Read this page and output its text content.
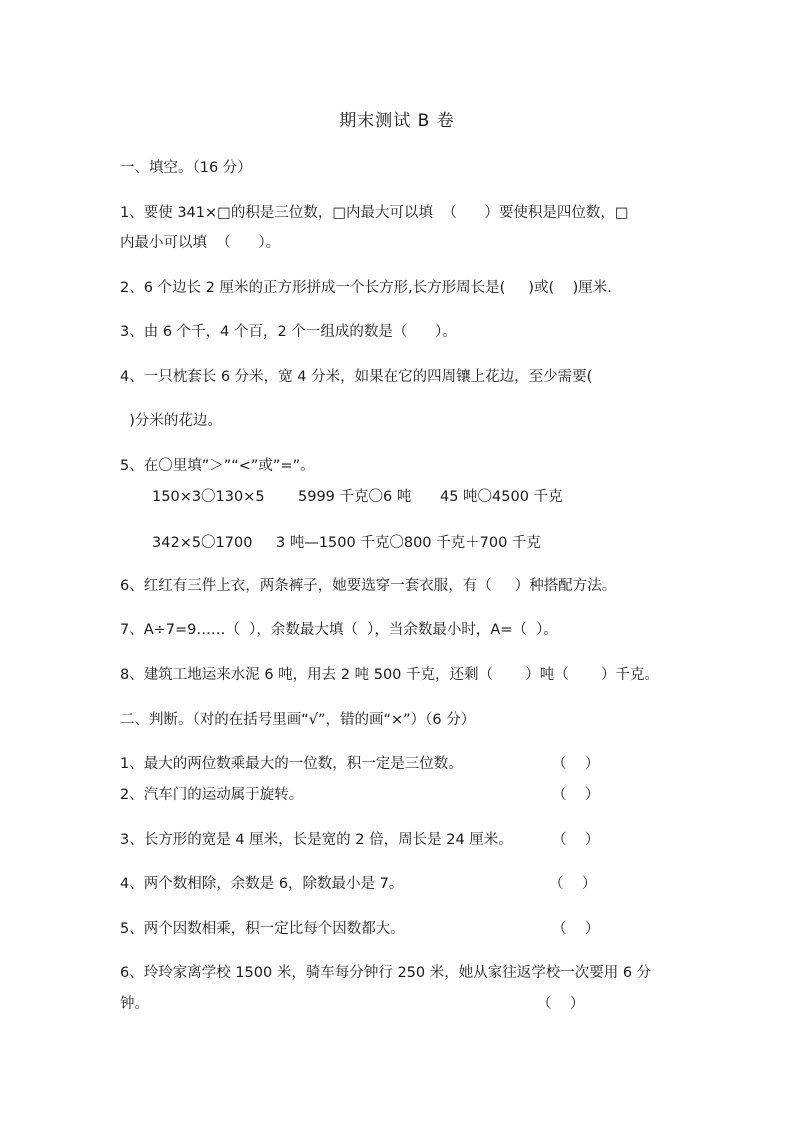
期末测试 B 卷
一、填空。（16 分）
1、要使 341×□的积是三位数，□内最大可以填  （      ）要使积是四位数，□
内最小可以填  （      ）。
2、6 个边长 2 厘米的正方形拼成一个长方形,长方形周长是(     )或(    )厘米.
3、由 6 个千，4 个百，2 个一组成的数是（      ）。
4、一只枕套长 6 分米，宽 4 分米，如果在它的四周镶上花边，至少需要(
)分米的花边。
5、在〇里填”＞”“<”或”=”。
150×3〇130×5 5999 千克〇6 吨 45 吨〇4500 千克
342×5〇1700 3 吨—1500 千克〇800 千克＋700 千克
6、红红有三件上衣，两条裤子，她要选穿一套衣服，有（     ）种搭配方法。
7、A÷7=9……（  ），余数最大填（  ），当余数最小时，A=（  ）。
8、建筑工地运来水泥 6 吨，用去 2 吨 500 千克，还剩（       ）吨（       ）千克。
二、判断。（对的在括号里画“√”，错的画“×”）（6 分）
1、最大的两位数乘最大的一位数，积一定是三位数。	（    ）
2、汽车门的运动属于旋转。	（    ）
3、长方形的宽是 4 厘米，长是宽的 2 倍，周长是 24 厘米。	（    ）
4、两个数相除，余数是 6，除数最小是 7。	（    ）
5、两个因数相乘，积一定比每个因数都大。	（    ）
6、玲玲家离学校 1500 米，骑车每分钟行 250 米，她从家往返学校一次要用 6 分
钟。	（    ）
